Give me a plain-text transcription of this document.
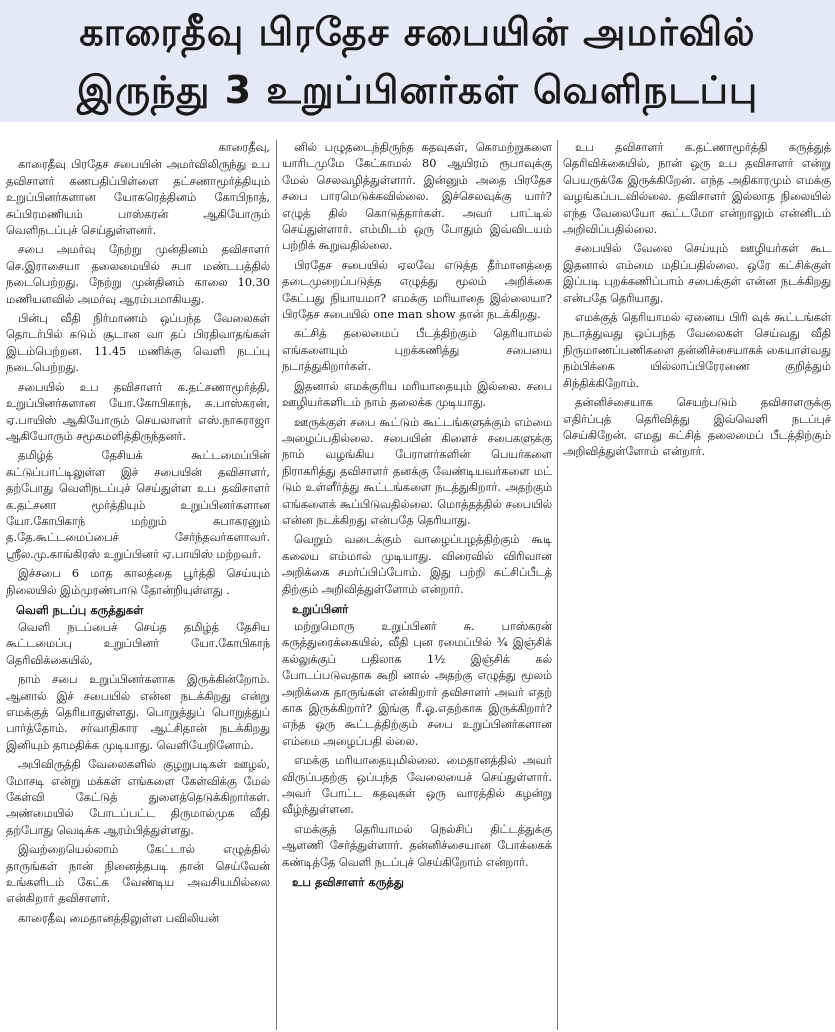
காரைதீவு பிரதேச சபையின் அமர்வில்
இருந்து 3 உறுப்பினர்கள் வெளிநடப்பு

காரைதீவு,

காரைதீவு பிரதேச சபையின் அமர்விலிருந்து உப தவிசாளர் கணபதிப்பிள்ளை தட்சணாமூர்த்தியும் உறுப்பினர்களான யோகரெத்தினம் கோபிநாத், சுப்பிரமணியம் பாஸ்கரன் ஆகியோரும் வெளிநடப்புச் செய்துள்ளனர்.

சபை அமர்வு நேற்று முன்தினம் தவிசாளர் செ.இராசையா தலைமையில் சபா மண்டபத்தில் நடைபெற்றது. நேற்று முன்தினம் காலை 10.30 மணியளவில் அமர்வு ஆரம்பமாகியது.

பின்பு வீதி நிர்மாணம் ஒப்பந்த வேலைகள் தொடர்பில் கடும் சூடான வா தப் பிரதிவாதங்கள் இடம்பெற்றன. 11.45 மணிக்கு வெளி நடப்பு நடைபெற்றது.

சபையில் உப தவிசாளர் க.தட்சணாமூர்த்தி, உறுப்பினர்களான யோ.கோபிகாந், சு.பாஸ்கரன், ஏ.பாயிஸ் ஆகியோரும் செயலாளர் எஸ்.நாகராஜா ஆகியோரும் சமூகமளித்திருந்தனர்.

தமிழ்த் தேசியக் கூட்டமைப்பின் கட்டுப்பாட்டிலுள்ள இச் சபையின் தவிசாளர், தற்போது வெளிநடப்புச் செய்துள்ள உப தவிசாளர் க.தட்சனா மூர்த்தியும் உறுப்பினர்களான யோ.கோபிகாந் மற்றும் சுபாகரனும் த.தே.கூட்டமைப்பைச் சேர்ந்தவர்களாவர். ஸ்ரீல.மு.காங்கிரஸ் உறுப்பினர் ஏ.பாயிஸ் மற்றவர்.

இச்சபை 6 மாத காலத்தை பூர்த்தி செய்யும் நிலையில் இம்முரண்பாடு தோன்றியுள்ளது .

வெளி நடப்பு கருத்துகள்

வெளி நடப்பைச் செய்த தமிழ்த் தேசிய கூட்டமைப்பு உறுப்பினர் யோ.கோபிகாந் தெரிவிக்கையில்,

நாம் சபை உறுப்பினர்களாக இருக்கின்றோம். ஆனால் இச் சபையில் என்ன நடக்கிறது என்று எமக்குத் தெரியாதுள்ளது. பொறுத்துப் பொறுத்துப் பார்த்தோம். சர்வாதிகார ஆட்சிதான் நடக்கிறது இனியும் தாமதிக்க முடியாது. வெளியேறினோம்.

அபிவிருத்தி வேலைகளில் குழறுபடிகள் ஊழல், மோசடி என்று மக்கள் எங்களை கேள்விக்கு மேல் கேள்வி கேட்டுத் துளைத்தெடுக்கிறார்கள். அண்மையில் போடப்பட்ட திருமால்முக வீதி தற்போது வெடிக்க ஆரம்பித்துள்ளது.

இவற்றையெல்லாம் கேட்டால் எழுத்தில் தாருங்கள் நான் நினைத்தபடி தான் செய்வேன் உங்களிடம் கேட்க வேண்டிய அவசியமில்லை என்கிறார் தவிசாளர்.

காரைதீவு மைதானத்திலுள்ள பவிலியன்

னில் பழுதடைந்திருந்த கதவுகள், கொமற்றுகளை யாரிடமுமே கேட்காமல் 80 ஆயிரம் ரூபாவுக்கு மேல் செலவழித்துள்ளார். இன்னும் அதை பிரதேச சபை பாரமெடுக்கவில்லை. இச்செலவுக்கு யார்? எழுத் தில் கொடுத்தார்கள். அவர் பாட்டில் செய்துள்ளார். எம்மிடம் ஒரு போதும் இவ்விடயம் பற்றிக் கூறுவதில்லை.

பிரதேச சபையில் ஏலவே எடுத்த தீர்மானத்தை தடைமுறைப்படுத்த எழுத்து மூலம் அறிக்கை கேட்பது நியாயமா? எமக்கு மரியாதை இல்லையா? பிரதேச சபையில் one man show தான் நடக்கிறது.

கட்சித் தலைமைப் பீடத்திற்கும் தெரியாமல் எங்களையும் புறக்கணித்து சபையை நடாத்துகிறார்கள்.

இதனால் எமக்குரிய மரியாதையும் இல்லை. சபை ஊழியர்களிடம் நாம் தலைக்க முடியாது.

ஊருக்குள் சபை கூட்டும் கூட்டங்களுக்கும் எம்மை அழைப்பதில்லை. சபையின் கிளைச் சபைகளுக்கு நாம் வழங்கிய பேராளர்களின் பெயர்களை நிராகரித்து தவிசாளர் தனக்கு வேண்டியவர்களை மட் டும் உள்ளீர்த்து கூட்டங்களை நடத்துகிறார். அதற்கும் எங்களைக் கூப்பிடுவதில்லை. மொத்தத்தில் சபையில் என்ன நடக்கிறது என்பதே தெரியாது.

வெறும் வடைக்கும் வாழைப்பழத்திற்கும் கூடி கலைய எம்மால் முடியாது. விரைவில் விரிவான அறிக்கை சமர்ப்பிப்போம். இது பற்றி கட்சிப்பீடத் திற்கும் அறிவித்துள்ளோம் என்றார்.

உறுப்பினர்

மற்றுமொரு உறுப்பினர் சு. பாஸ்கரன் கருத்துரைக்கையில், வீதி புன ரமைப்பில் ¾ இஞ்சிக் கல்லுக்குப் பதிலாக 1½ இஞ்சிக் கல் போடப்படுவதாக கூறி னால் அதற்கு எழுத்து மூலம் அறிக்கை தாருங்கள் என்கிறார் தவிசாளர் அவர் எதற் காக இருக்கிறார்? இங்கு ரீ.ஓ.எதற்காக இருக்கிறார்? எந்த ஒரு கூட்டத்திற்கும் சபை உறுப்பினர்களான எம்மை அழைப்பதி ல்லை.

எமக்கு மரியாதையுமில்லை. மைதானத்தில் அவர் விருப்பதற்கு ஒப்பந்த வேலையைச் செய்துள்ளார். அவர் போட்ட கதவுகள் ஒரு வாரத்தில் கழன்று வீழ்ந்துள்ளன.

எமக்குத் தெரியாமல் நெல்சிப் திட்டத்துக்கு ஆளணி சேர்த்துள்ளார். தன்னிச்சையான போக்கைக் கண்டித்தே வெளி நடப்புச் செய்கிறோம் என்றார்.

உப தவிசாளர் கருத்து

உப தவிசாளர் க.தட்ணாமூர்த்தி கருத்துத் தெரிவிக்கையில், நான் ஒரு உப தவிசாளர் என்று பெயருக்கே இருக்கிறேன். எந்த அதிகாரமும் எமக்கு வழங்கப்படவில்லை. தவிசாளர் இல்லாத நிலையில் எந்த வேலையோ கூட்டமோ என்றாலும் என்னிடம் அறிவிப்பதில்லை.

சபையில் வேலை செய்யும் ஊழியர்கள் கூட இதனால் எம்மை மதிப்பதில்லை. ஒரே கட்சிக்குள் இப்படி புறக்கணிப்பாம் சபைக்குள் என்ன நடக்கிறது என்பதே தெரியாது.

எமக்குத் தெரியாமல் ஏனைய பிரி வுக் கூட்டங்கள் நடாத்துவது ஒப்பந்த வேலைகள் செய்வது வீதி நிருமாணப்பணிகளை தன்னிச்சையாகக் கையாள்வது நம்பிக்கை யில்லாப்பிரேரணை குறித்தும் சிந்திக்கிறோம்.

தன்னிச்சையாக செயற்படும் தவிசாளருக்கு எதிர்ப்புத் தெரிவித்து இவ்வெளி நடப்புச் செய்கிறேன். எமது கட்சித் தலைமைப் பீடத்திற்கும் அறிவித்துள்ளோம் என்றார்.
